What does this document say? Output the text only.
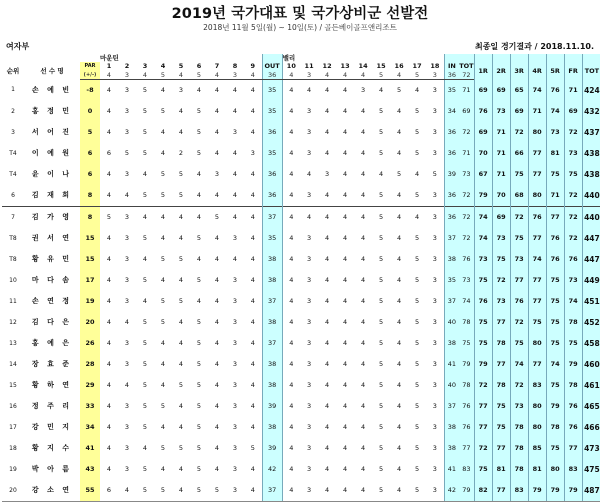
2019년 국가대표 및 국가상비군 선발전
2018년 11월 5일(월) ~ 10일(토) / 골든베이골프앤리조트
여자부	최종일 경기결과 / 2018.11.10.
			마운틴										밸리																	
순위	선 수 명	PAR	1	2	3	4	5	6	7	8	9	OUT	10	11	12	13	14	15	16	17	18	IN	TOT	1R	2R	3R	4R	5R	FR	TOT
		(+/-)	4	3	4	5	4	5	4	3	4	36	4	3	4	4	4	5	4	5	3	36	72							
1	손 예 빈	-8	4	3	5	4	3	4	4	4	4	35	4	4	4	4	3	4	5	4	3	35	71	69	69	65	74	76	71	424
2	홍 정 민	0	4	3	5	5	4	5	4	4	4	35	4	3	4	4	4	5	4	5	3	34	69	76	73	69	71	74	69	432
3	서 어 진	5	4	3	5	4	4	5	4	3	4	36	4	3	4	4	4	5	4	5	3	36	72	69	71	72	80	73	72	437
T4	이 예 원	6	6	5	5	4	2	5	4	4	3	35	4	3	4	4	4	5	4	5	3	36	71	70	71	66	77	81	73	438
T4	윤 이 나	6	4	3	4	5	5	4	3	4	4	36	4	4	3	4	4	4	5	4	5	39	73	67	71	75	77	75	75	438
6	김 재 희	8	4	4	5	5	5	4	4	4	4	36	4	3	4	4	4	5	4	5	3	36	72	79	70	68	80	71	72	440
7	김 가 영	8	5	3	4	4	4	4	5	4	4	37	4	4	4	4	4	5	4	4	3	36	72	74	69	72	76	77	72	440
T8	권 서 연	15	4	3	5	4	4	5	4	3	4	35	4	3	4	4	4	5	4	5	3	37	72	74	73	75	77	76	72	447
T8	황 유 민	15	4	3	4	5	5	4	4	4	4	38	4	3	4	4	4	5	4	5	3	38	76	73	75	73	74	76	76	447
10	마 다 솜	17	4	3	5	4	4	5	4	3	4	38	4	3	4	4	4	5	4	5	3	35	73	75	72	77	77	75	73	449
11	손 연 정	19	4	3	4	5	5	4	4	3	4	37	4	3	4	4	4	5	4	5	3	37	74	76	73	76	77	75	74	451
12	김 다 은	20	4	4	5	5	4	5	4	3	4	38	4	3	4	4	4	5	4	5	3	40	78	75	77	72	75	75	78	452
13	홍 예 은	26	4	3	5	4	4	5	4	3	4	37	4	3	4	4	4	5	4	5	3	38	75	75	78	75	80	75	75	458
14	장 효 준	28	4	3	5	4	4	5	4	3	4	38	4	3	4	4	4	5	4	5	3	41	79	79	77	74	77	74	79	460
15	황 하 연	29	4	4	5	4	5	5	4	3	4	38	4	3	4	4	4	5	4	5	3	40	78	72	78	72	83	75	78	461
16	정 주 리	33	4	3	5	5	4	5	4	3	4	39	4	3	4	4	4	5	4	5	3	37	76	77	75	73	80	79	76	465
17	강 민 지	34	4	3	5	4	4	5	4	3	4	38	4	3	4	4	4	5	4	5	3	38	76	77	75	78	80	78	76	466
18	황 지 수	41	4	3	4	5	5	5	4	3	5	39	4	3	4	4	4	5	4	5	3	38	77	72	77	78	85	75	77	473
19	박 아 름	43	4	3	5	4	4	5	4	3	4	42	4	3	4	4	4	5	4	5	3	41	83	75	81	78	81	80	83	475
20	강 소 연	55	6	4	5	5	4	5	5	3	4	37	4	3	4	4	4	5	4	5	3	42	79	82	77	83	79	79	79	487
